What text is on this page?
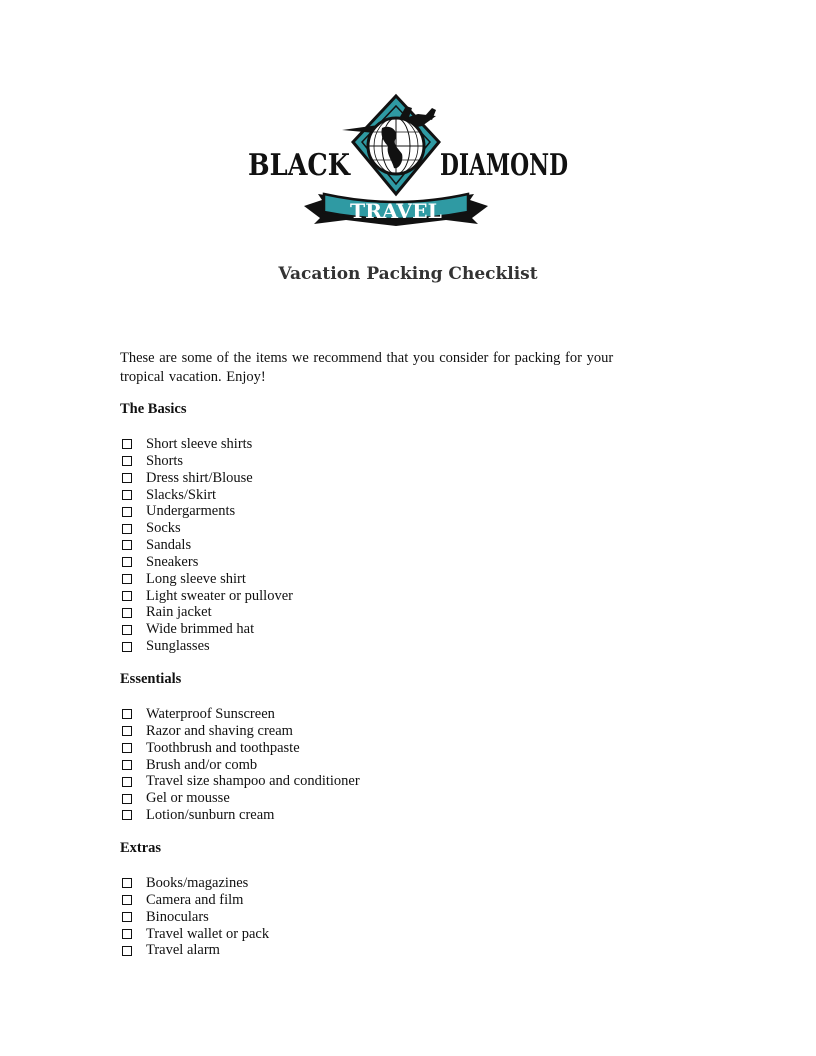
BLACK	DIAMOND
TRAVEL
Vacation Packing Checklist
These are some of the items we recommend that you consider for packing for your tropical vacation. Enjoy!
The Basics
Short sleeve shirts
Shorts
Dress shirt/Blouse
Slacks/Skirt
Undergarments
Socks
Sandals
Sneakers
Long sleeve shirt
Light sweater or pullover
Rain jacket
Wide brimmed hat
Sunglasses
Essentials
Waterproof Sunscreen
Razor and shaving cream
Toothbrush and toothpaste
Brush and/or comb
Travel size shampoo and conditioner
Gel or mousse
Lotion/sunburn cream
Extras
Books/magazines
Camera and film
Binoculars
Travel wallet or pack
Travel alarm
